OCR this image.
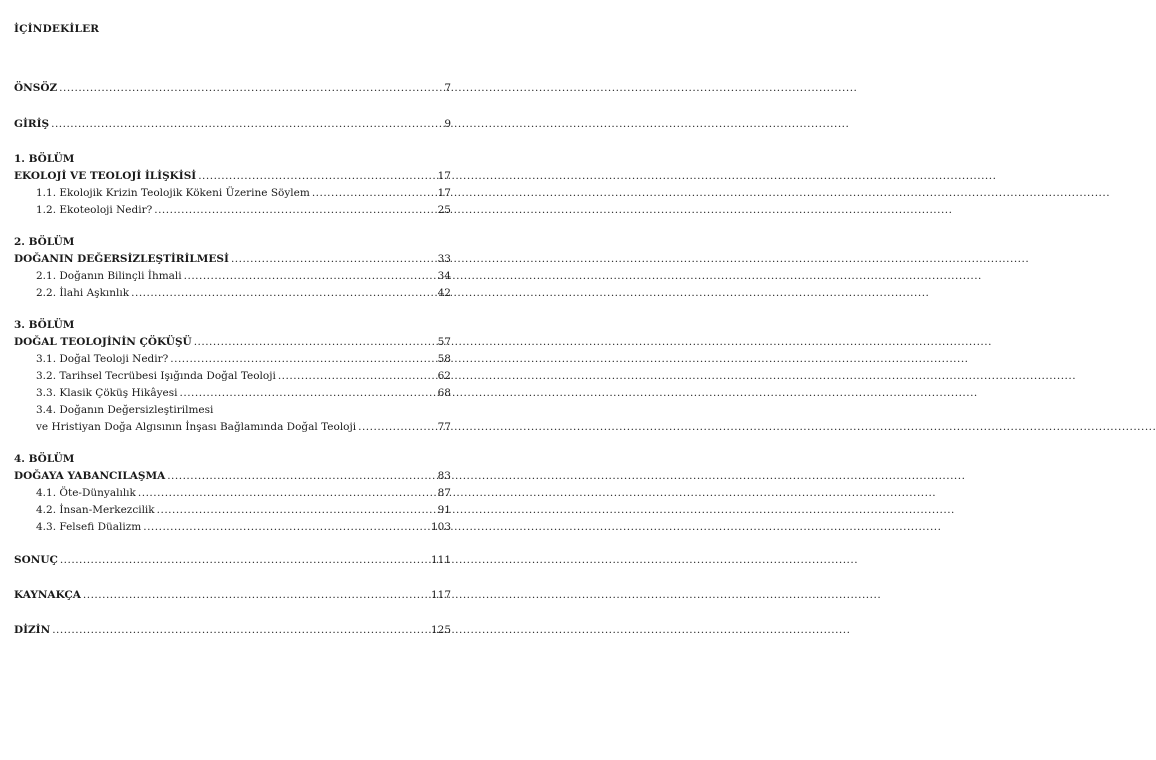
İÇİNDEKİLER
ÖNSÖZ .....	7
GİRİŞ .....	9
1. BÖLÜM
EKOLOJİ VE TEOLOJİ İLİŞKİSİ .....	17
1.1. Ekolojik Krizin Teolojik Kökeni Üzerine Söylem .....	17
1.2. Ekoteoloji Nedir? .....	25
2. BÖLÜM
DOĞANIN DEĞERSİZLEŞTİRİLMESİ .....	33
2.1. Doğanın Bilinçli İhmali .....	34
2.2. İlahi Aşkınlık .....	42
3. BÖLÜM
DOĞAL TEOLOJİNİN ÇÖKÜŞÜ .....	57
3.1. Doğal Teoloji Nedir? .....	58
3.2. Tarihsel Tecrübesi Işığında Doğal Teoloji .....	62
3.3. Klasik Çöküş Hikâyesi .....	68
3.4. Doğanın Değersizleştirilmesi
ve Hristiyan Doğa Algısının İnşası Bağlamında Doğal Teoloji .....	77
4. BÖLÜM
DOĞAYA YABANCILAŞMA .....	83
4.1. Öte-Dünyalılık .....	87
4.2. İnsan-Merkezcilik .....	91
4.3. Felsefi Düalizm .....	103
SONUÇ .....	111
KAYNAKÇA .....	117
DİZİN .....	125
